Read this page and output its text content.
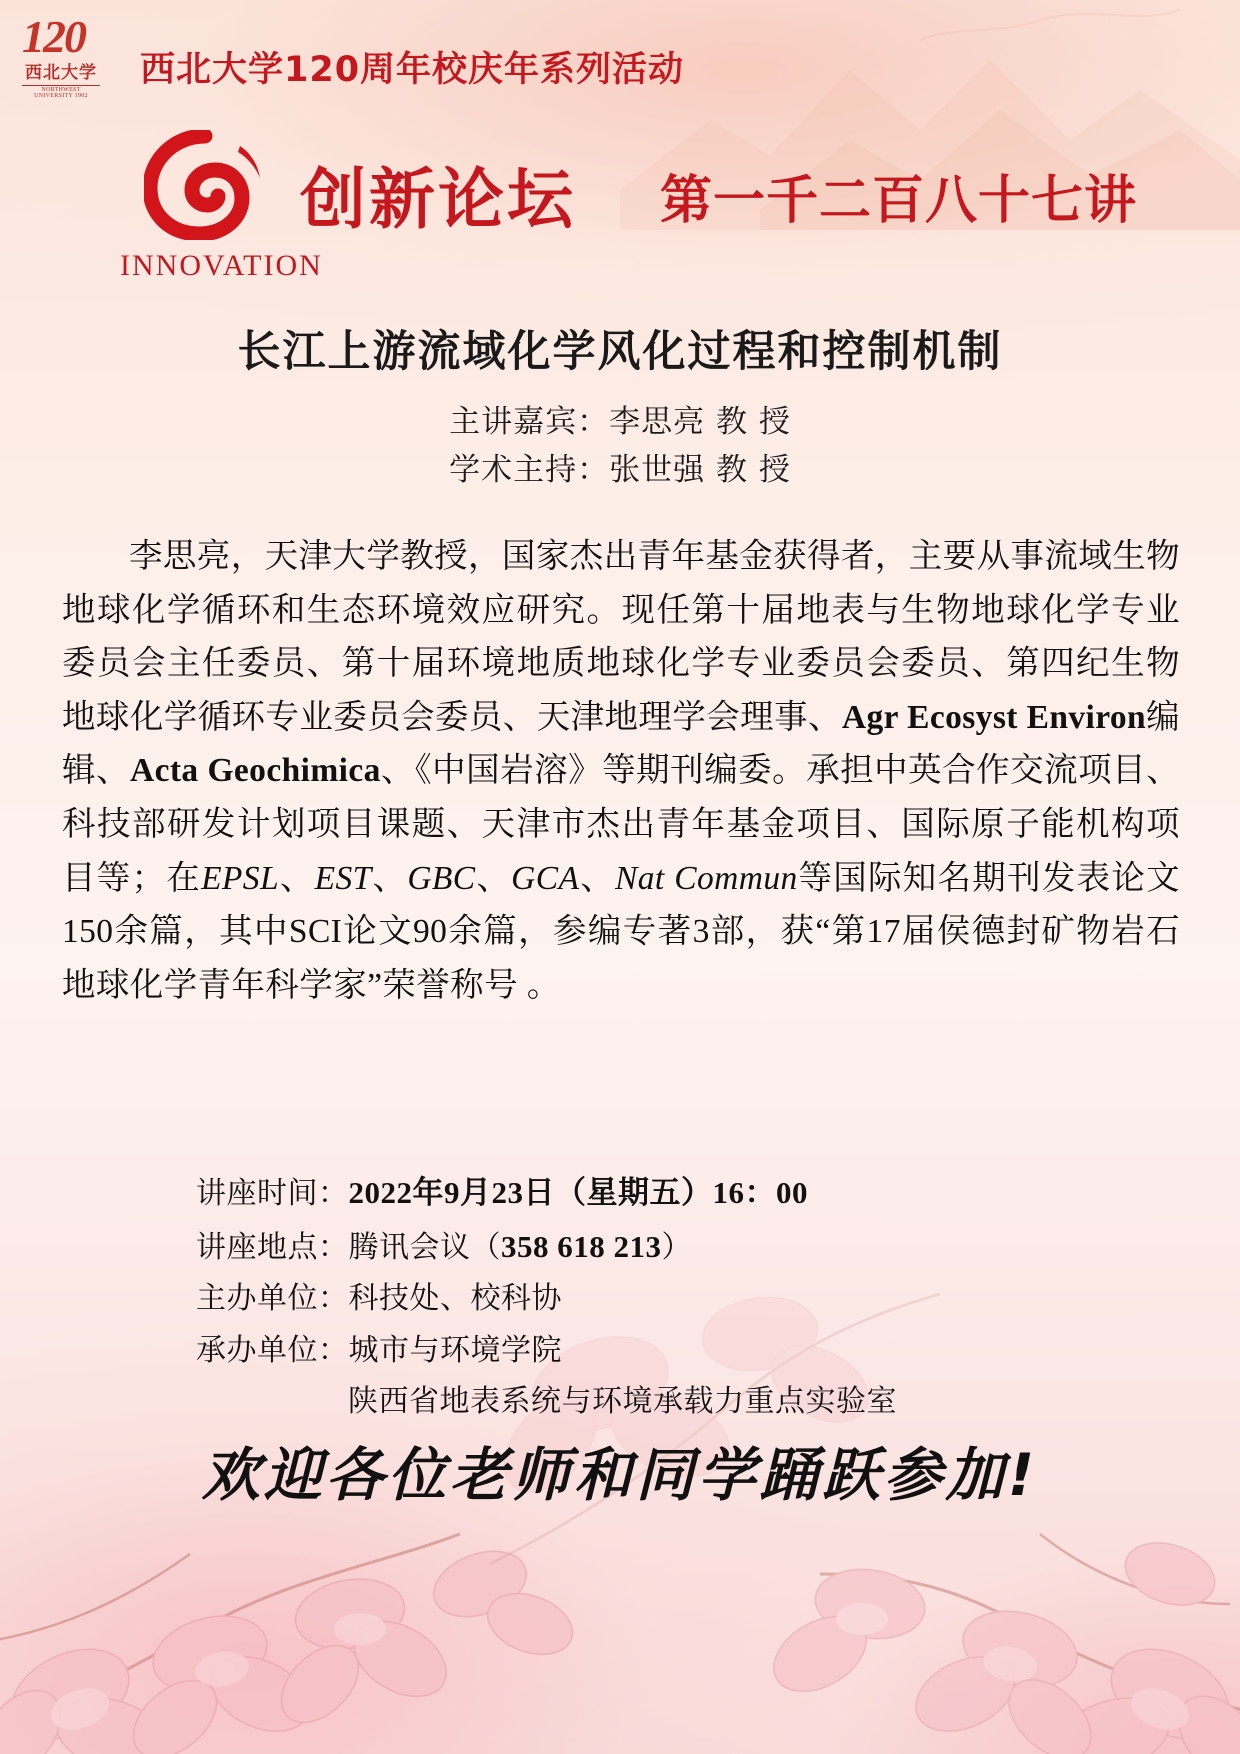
120
西北大学
NORTHWEST UNIVERSITY 1902
西北大学120周年校庆年系列活动
INNOVATION
创新论坛 第一千二百八十七讲
长江上游流域化学风化过程和控制机制
主讲嘉宾：李思亮 教 授
学术主持：张世强 教 授
李思亮，天津大学教授，国家杰出青年基金获得者，主要从事流域生物地球化学循环和生态环境效应研究。现任第十届地表与生物地球化学专业委员会主任委员、第十届环境地质地球化学专业委员会委员、第四纪生物地球化学循环专业委员会委员、天津地理学会理事、Agr Ecosyst Environ编辑、Acta Geochimica、《中国岩溶》等期刊编委。承担中英合作交流项目、科技部研发计划项目课题、天津市杰出青年基金项目、国际原子能机构项目等；在EPSL、EST、GBC、GCA、Nat Commun等国际知名期刊发表论文150余篇，其中SCI论文90余篇，参编专著3部，获“第17届侯德封矿物岩石地球化学青年科学家”荣誉称号 。
讲座时间：2022年9月23日（星期五）16：00
讲座地点：腾讯会议（358 618 213）
主办单位：科技处、校科协
承办单位：城市与环境学院
陕西省地表系统与环境承载力重点实验室
欢迎各位老师和同学踊跃参加!
